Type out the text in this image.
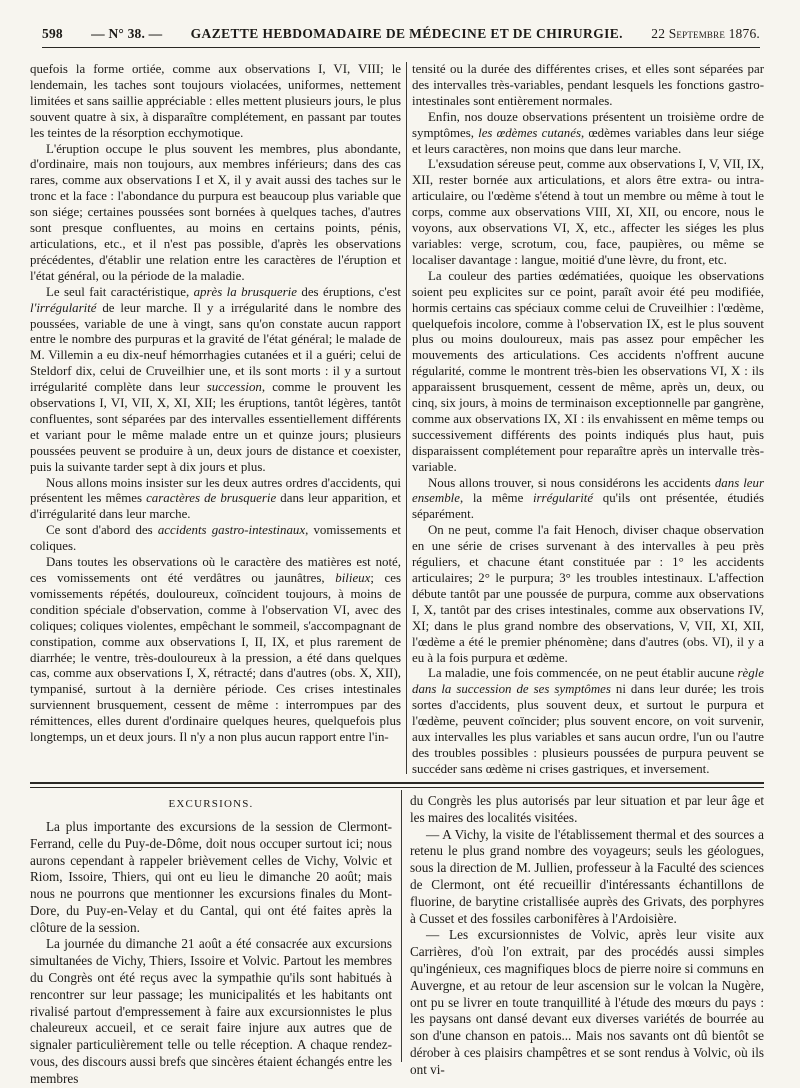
598 — N° 38. — GAZETTE HEBDOMADAIRE DE MÉDECINE ET DE CHIRURGIE. 22 Septembre 1876.

quefois la forme ortiée, comme aux observations I, VI, VIII; le lendemain, les taches sont toujours violacées, uniformes, nettement limitées et sans saillie appréciable : elles mettent plusieurs jours, le plus souvent quatre à six, à disparaître complétement, en passant par toutes les teintes de la résorption ecchymotique.

L'éruption occupe le plus souvent les membres, plus abondante, d'ordinaire, mais non toujours, aux membres inférieurs; dans des cas rares, comme aux observations I et X, il y avait aussi des taches sur le tronc et la face : l'abondance du purpura est beaucoup plus variable que son siége; certaines poussées sont bornées à quelques taches, d'autres sont presque confluentes, au moins en certains points, pénis, articulations, etc., et il n'est pas possible, d'après les observations précédentes, d'établir une relation entre les caractères de l'éruption et l'état général, ou la période de la maladie.

Le seul fait caractéristique, après la brusquerie des éruptions, c'est l'irrégularité de leur marche. Il y a irrégularité dans le nombre des poussées, variable de une à vingt, sans qu'on constate aucun rapport entre le nombre des purpuras et la gravité de l'état général; le malade de M. Villemin a eu dix-neuf hémorrhagies cutanées et il a guéri; celui de Steldorf dix, celui de Cruveilhier une, et ils sont morts : il y a surtout irrégularité complète dans leur succession, comme le prouvent les observations I, VI, VII, X, XI, XII; les éruptions, tantôt légères, tantôt confluentes, sont séparées par des intervalles essentiellement différents et variant pour le même malade entre un et quinze jours; plusieurs poussées peuvent se produire à un, deux jours de distance et coexister, puis la suivante tarder sept à dix jours et plus.

Nous allons moins insister sur les deux autres ordres d'accidents, qui présentent les mêmes caractères de brusquerie dans leur apparition, et d'irrégularité dans leur marche.

Ce sont d'abord des accidents gastro-intestinaux, vomissements et coliques.

Dans toutes les observations où le caractère des matières est noté, ces vomissements ont été verdâtres ou jaunâtres, bilieux; ces vomissements répétés, douloureux, coïncident toujours, à moins de condition spéciale d'observation, comme à l'observation VI, avec des coliques; coliques violentes, empêchant le sommeil, s'accompagnant de constipation, comme aux observations I, II, IX, et plus rarement de diarrhée; le ventre, très-douloureux à la pression, a été dans quelques cas, comme aux observations I, X, rétracté; dans d'autres (obs. X, XII), tympanisé, surtout à la dernière période. Ces crises intestinales surviennent brusquement, cessent de même : interrompues par des rémittences, elles durent d'ordinaire quelques heures, quelquefois plus longtemps, un et deux jours. Il n'y a non plus aucun rapport entre l'in-

tensité ou la durée des différentes crises, et elles sont séparées par des intervalles très-variables, pendant lesquels les fonctions gastro-intestinales sont entièrement normales.

Enfin, nos douze observations présentent un troisième ordre de symptômes, les œdèmes cutanés, œdèmes variables dans leur siége et leurs caractères, non moins que dans leur marche.

L'exsudation séreuse peut, comme aux observations I, V, VII, IX, XII, rester bornée aux articulations, et alors être extra- ou intra-articulaire, ou l'œdème s'étend à tout un membre ou même à tout le corps, comme aux observations VIII, XI, XII, ou encore, nous le voyons, aux observations VI, X, etc., affecter les siéges les plus variables: verge, scrotum, cou, face, paupières, ou même se localiser davantage : langue, moitié d'une lèvre, du front, etc.

La couleur des parties œdématiées, quoique les observations soient peu explicites sur ce point, paraît avoir été peu modifiée, hormis certains cas spéciaux comme celui de Cruveilhier : l'œdème, quelquefois incolore, comme à l'observation IX, est le plus souvent plus ou moins douloureux, mais pas assez pour empêcher les mouvements des articulations. Ces accidents n'offrent aucune régularité, comme le montrent très-bien les observations VI, X : ils apparaissent brusquement, cessent de même, après un, deux, ou cinq, six jours, à moins de terminaison exceptionnelle par gangrène, comme aux observations IX, XI : ils envahissent en même temps ou successivement différents des points indiqués plus haut, puis disparaissent complétement pour reparaître après un intervalle très-variable.

Nous allons trouver, si nous considérons les accidents dans leur ensemble, la même irrégularité qu'ils ont présentée, étudiés séparément.

On ne peut, comme l'a fait Henoch, diviser chaque observation en une série de crises survenant à des intervalles à peu près réguliers, et chacune étant constituée par : 1° les accidents articulaires; 2° le purpura; 3° les troubles intestinaux. L'affection débute tantôt par une poussée de purpura, comme aux observations I, X, tantôt par des crises intestinales, comme aux observations IV, XI; dans le plus grand nombre des observations, V, VII, XI, XII, l'œdème a été le premier phénomène; dans d'autres (obs. VI), il y a eu à la fois purpura et œdème.

La maladie, une fois commencée, on ne peut établir aucune règle dans la succession de ses symptômes ni dans leur durée; les trois sortes d'accidents, plus souvent deux, et surtout le purpura et l'œdème, peuvent coïncider; plus souvent encore, on voit survenir, aux intervalles les plus variables et sans aucun ordre, l'un ou l'autre des troubles possibles : plusieurs poussées de purpura peuvent se succéder sans œdème ni crises gastriques, et inversement.

EXCURSIONS.

La plus importante des excursions de la session de Clermont-Ferrand, celle du Puy-de-Dôme, doit nous occuper surtout ici; nous aurons cependant à rappeler brièvement celles de Vichy, Volvic et Riom, Issoire, Thiers, qui ont eu lieu le dimanche 20 août; mais nous ne pourrons que mentionner les excursions finales du Mont-Dore, du Puy-en-Velay et du Cantal, qui ont été faites après la clôture de la session.

La journée du dimanche 21 août a été consacrée aux excursions simultanées de Vichy, Thiers, Issoire et Volvic. Partout les membres du Congrès ont été reçus avec la sympathie qu'ils sont habitués à rencontrer sur leur passage; les municipalités et les habitants ont rivalisé partout d'empressement à faire aux excursionnistes le plus chaleureux accueil, et ce serait faire injure aux autres que de signaler particulièrement telle ou telle réception. A chaque rendez-vous, des discours aussi brefs que sincères étaient échangés entre les membres

du Congrès les plus autorisés par leur situation et par leur âge et les maires des localités visitées.

— A Vichy, la visite de l'établissement thermal et des sources a retenu le plus grand nombre des voyageurs; seuls les géologues, sous la direction de M. Jullien, professeur à la Faculté des sciences de Clermont, ont été recueillir d'intéressants échantillons de fluorine, de barytine cristallisée auprès des Grivats, des porphyres à Cusset et des fossiles carbonifères à l'Ardoisière.

— Les excursionnistes de Volvic, après leur visite aux Carrières, d'où l'on extrait, par des procédés aussi simples qu'ingénieux, ces magnifiques blocs de pierre noire si communs en Auvergne, et au retour de leur ascension sur le volcan la Nugère, ont pu se livrer en toute tranquillité à l'étude des mœurs du pays : les paysans ont dansé devant eux diverses variétés de bourrée au son d'une chanson en patois... Mais nos savants ont dû bientôt se dérober à ces plaisirs champêtres et se sont rendus à Volvic, où ils ont vi-
